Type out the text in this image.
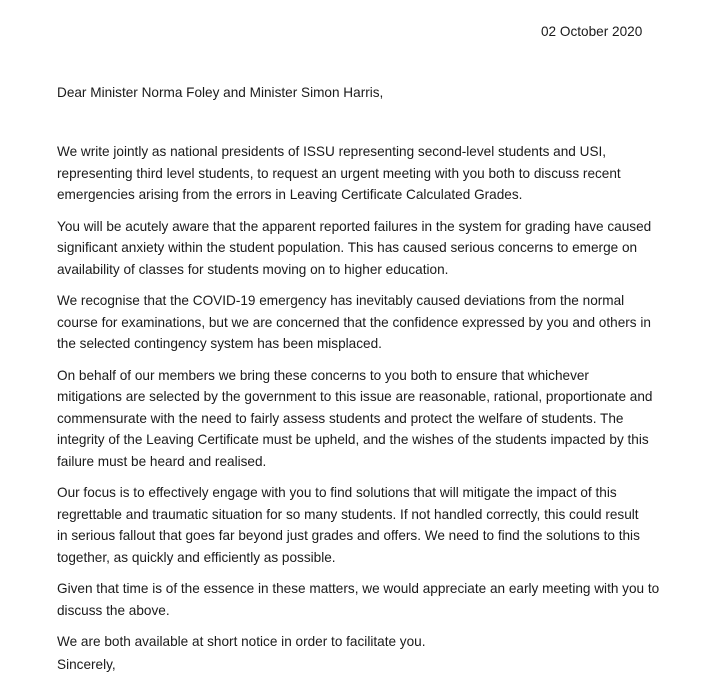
02 October 2020
Dear Minister Norma Foley and Minister Simon Harris,

We write jointly as national presidents of ISSU representing second-level students and USI,
representing third level students, to request an urgent meeting with you both to discuss recent
emergencies arising from the errors in Leaving Certificate Calculated Grades.

You will be acutely aware that the apparent reported failures in the system for grading have caused
significant anxiety within the student population. This has caused serious concerns to emerge on
availability of classes for students moving on to higher education.

We recognise that the COVID-19 emergency has inevitably caused deviations from the normal
course for examinations, but we are concerned that the confidence expressed by you and others in
the selected contingency system has been misplaced.

On behalf of our members we bring these concerns to you both to ensure that whichever
mitigations are selected by the government to this issue are reasonable, rational, proportionate and
commensurate with the need to fairly assess students and protect the welfare of students. The
integrity of the Leaving Certificate must be upheld, and the wishes of the students impacted by this
failure must be heard and realised.

Our focus is to effectively engage with you to find solutions that will mitigate the impact of this
regrettable and traumatic situation for so many students. If not handled correctly, this could result
in serious fallout that goes far beyond just grades and offers. We need to find the solutions to this
together, as quickly and efficiently as possible.

Given that time is of the essence in these matters, we would appreciate an early meeting with you to
discuss the above.

We are both available at short notice in order to facilitate you.

Sincerely,
